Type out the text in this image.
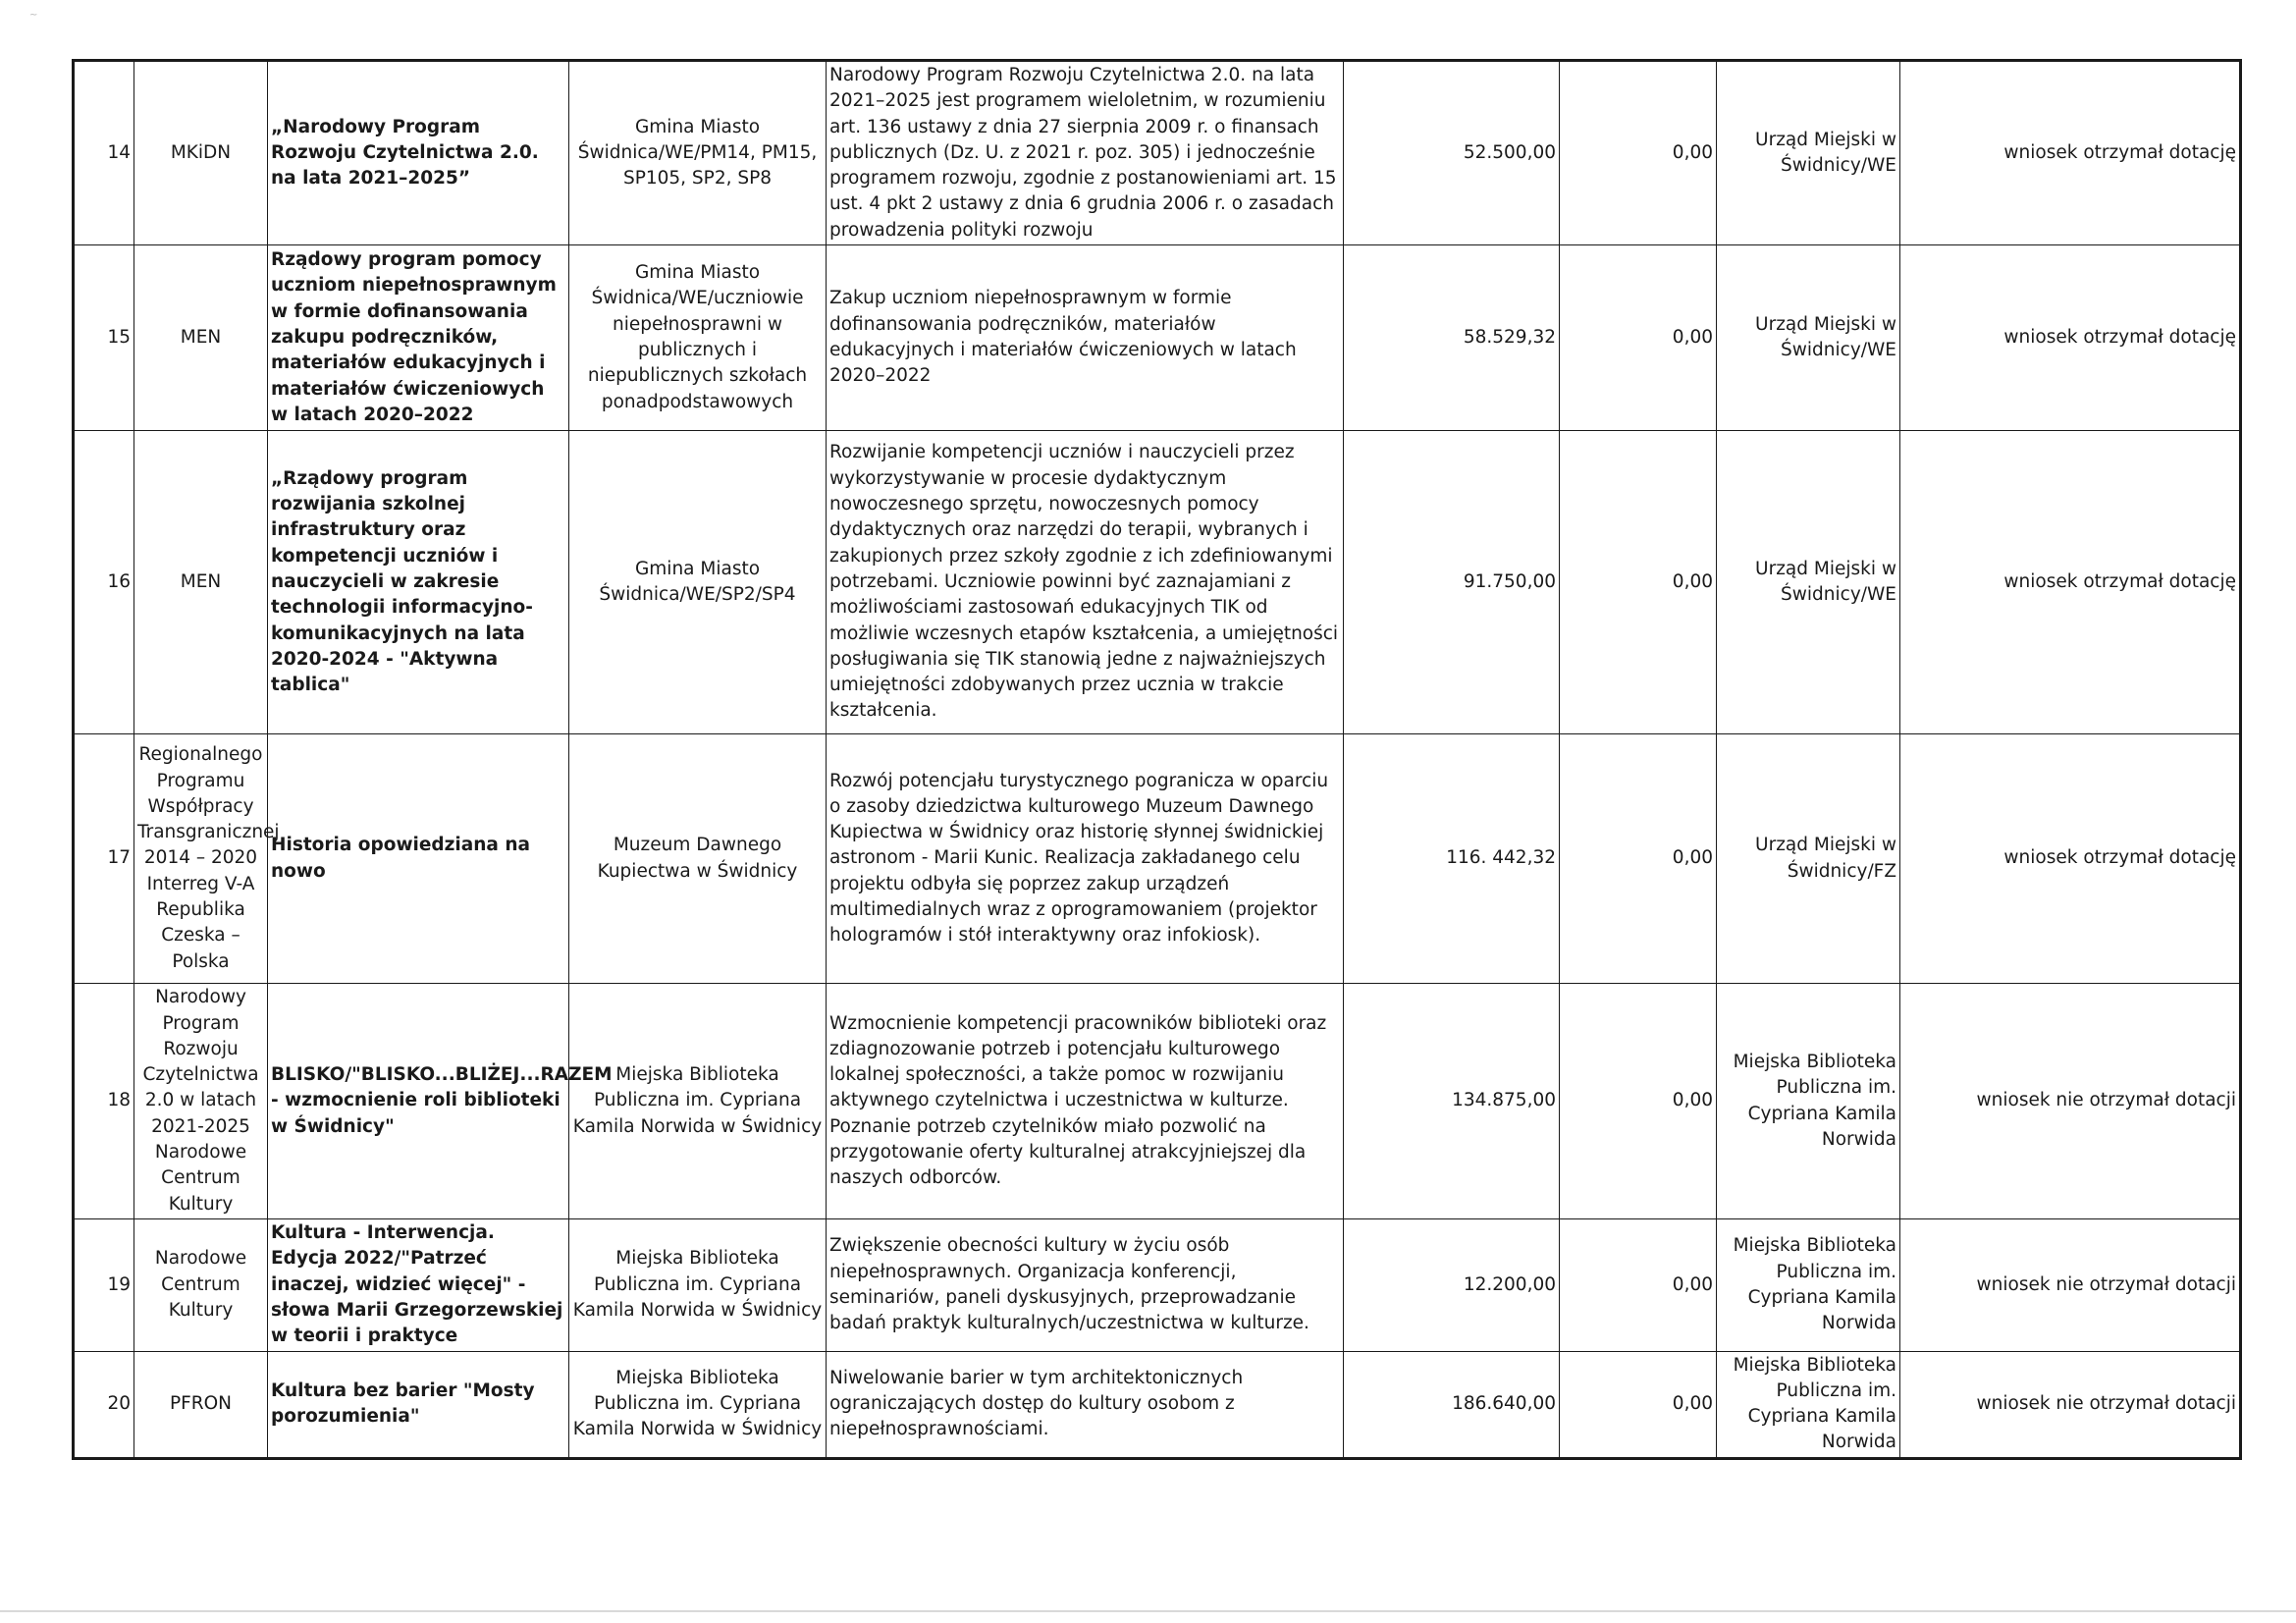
~
14	MKiDN	„Narodowy Program Rozwoju Czytelnictwa 2.0. na lata 2021–2025”	Gmina Miasto Świdnica/WE/PM14, PM15, SP105, SP2, SP8	Narodowy Program Rozwoju Czytelnictwa 2.0. na lata 2021–2025 jest programem wieloletnim, w rozumieniu art. 136 ustawy z dnia 27 sierpnia 2009 r. o finansach publicznych (Dz. U. z 2021 r. poz. 305) i jednocześnie programem rozwoju, zgodnie z postanowieniami art. 15 ust. 4 pkt 2 ustawy z dnia 6 grudnia 2006 r. o zasadach prowadzenia polityki rozwoju	52.500,00	0,00	Urząd Miejski w Świdnicy/WE	wniosek otrzymał dotację
15	MEN	Rządowy program pomocy uczniom niepełnosprawnym w formie dofinansowania zakupu podręczników, materiałów edukacyjnych i materiałów ćwiczeniowych w latach 2020–2022	Gmina Miasto Świdnica/WE/uczniowie niepełnosprawni w publicznych i niepublicznych szkołach ponadpodstawowych	Zakup uczniom niepełnosprawnym w formie dofinansowania podręczników, materiałów edukacyjnych i materiałów ćwiczeniowych w latach 2020–2022	58.529,32	0,00	Urząd Miejski w Świdnicy/WE	wniosek otrzymał dotację
16	MEN	„Rządowy program rozwijania szkolnej infrastruktury oraz kompetencji uczniów i nauczycieli w zakresie technologii informacyjno-komunikacyjnych na lata 2020-2024 - "Aktywna tablica"	Gmina Miasto Świdnica/WE/SP2/SP4	Rozwijanie kompetencji uczniów i nauczycieli przez wykorzystywanie w procesie dydaktycznym nowoczesnego sprzętu, nowoczesnych pomocy dydaktycznych oraz narzędzi do terapii, wybranych i zakupionych przez szkoły zgodnie z ich zdefiniowanymi potrzebami. Uczniowie powinni być zaznajamiani z możliwościami zastosowań edukacyjnych TIK od możliwie wczesnych etapów kształcenia, a umiejętności posługiwania się TIK stanowią jedne z najważniejszych umiejętności zdobywanych przez ucznia w trakcie kształcenia.	91.750,00	0,00	Urząd Miejski w Świdnicy/WE	wniosek otrzymał dotację
17	Regionalnego Programu Współpracy Transgranicznej 2014 – 2020 Interreg V-A Republika Czeska – Polska	Historia opowiedziana na nowo	Muzeum Dawnego Kupiectwa w Świdnicy	Rozwój potencjału turystycznego pogranicza w oparciu o zasoby dziedzictwa kulturowego Muzeum Dawnego Kupiectwa w Świdnicy oraz historię słynnej świdnickiej astronom - Marii Kunic. Realizacja zakładanego celu projektu odbyła się poprzez zakup urządzeń multimedialnych wraz z oprogramowaniem (projektor hologramów i stół interaktywny oraz infokiosk).	116. 442,32	0,00	Urząd Miejski w Świdnicy/FZ	wniosek otrzymał dotację
18	Narodowy Program Rozwoju Czytelnictwa 2.0 w latach 2021-2025 Narodowe Centrum Kultury	BLISKO/"BLISKO...BLIŻEJ...RAZEM - wzmocnienie roli biblioteki w Świdnicy"	Miejska Biblioteka Publiczna im. Cypriana Kamila Norwida w Świdnicy	Wzmocnienie kompetencji pracowników biblioteki oraz zdiagnozowanie potrzeb i potencjału kulturowego lokalnej społeczności, a także pomoc w rozwijaniu aktywnego czytelnictwa i uczestnictwa w kulturze. Poznanie potrzeb czytelników miało pozwolić na przygotowanie oferty kulturalnej atrakcyjniejszej dla naszych odborców.	134.875,00	0,00	Miejska Biblioteka Publiczna im. Cypriana Kamila Norwida	wniosek nie otrzymał dotacji
19	Narodowe Centrum Kultury	Kultura - Interwencja. Edycja 2022/"Patrzeć inaczej, widzieć więcej" - słowa Marii Grzegorzewskiej w teorii i praktyce	Miejska Biblioteka Publiczna im. Cypriana Kamila Norwida w Świdnicy	Zwiększenie obecności kultury w życiu osób niepełnosprawnych. Organizacja konferencji, seminariów, paneli dyskusyjnych, przeprowadzanie badań praktyk kulturalnych/uczestnictwa w kulturze.	12.200,00	0,00	Miejska Biblioteka Publiczna im. Cypriana Kamila Norwida	wniosek nie otrzymał dotacji
20	PFRON	Kultura bez barier "Mosty porozumienia"	Miejska Biblioteka Publiczna im. Cypriana Kamila Norwida w Świdnicy	Niwelowanie barier w tym architektonicznych ograniczających dostęp do kultury osobom z niepełnosprawnościami.	186.640,00	0,00	Miejska Biblioteka Publiczna im. Cypriana Kamila Norwida	wniosek nie otrzymał dotacji
